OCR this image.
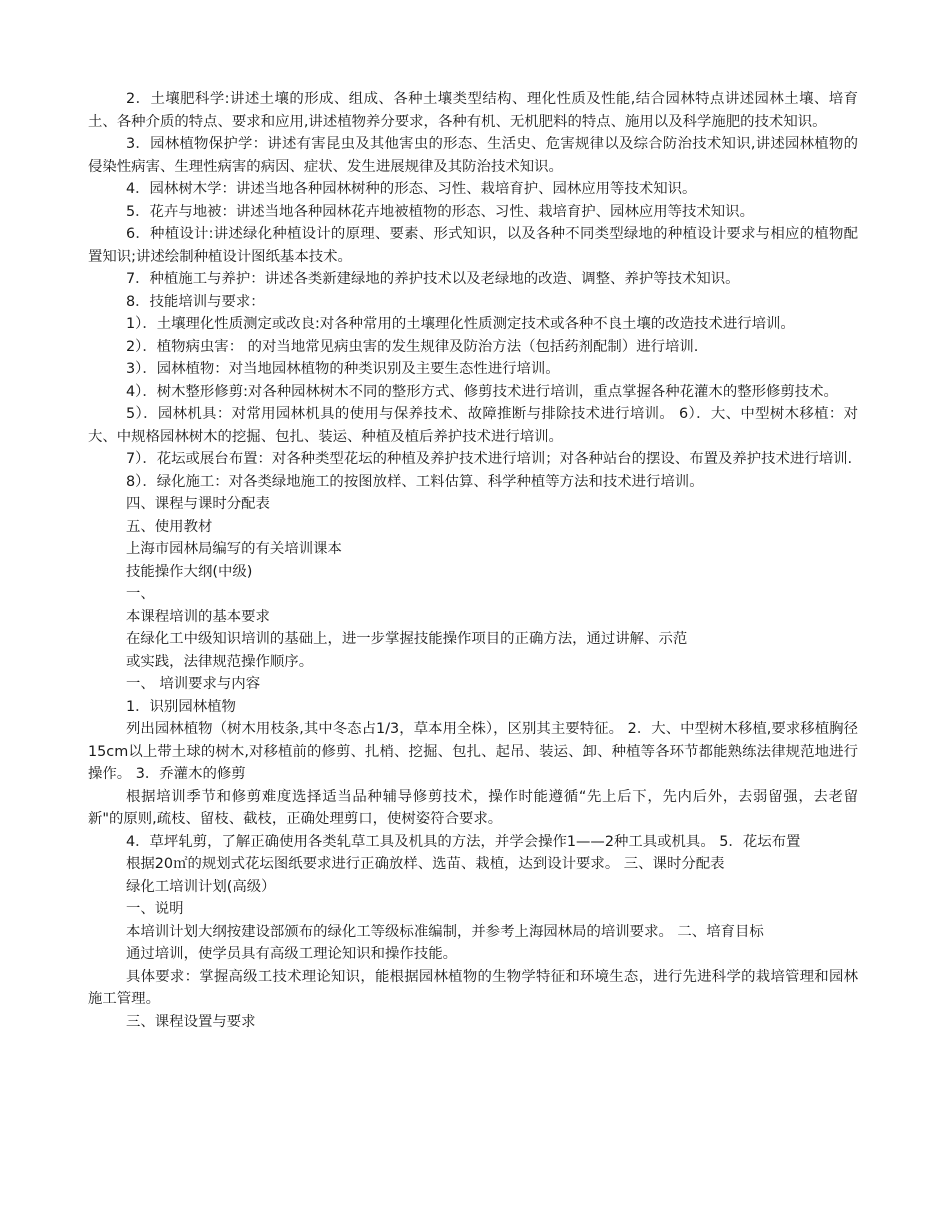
2．土壤肥科学:讲述土壤的形成、组成、各种土壤类型结构、理化性质及性能,结合园林特点讲述园林土壤、培育土、各种介质的特点、要求和应用,讲述植物养分要求，各种有机、无机肥料的特点、施用以及科学施肥的技术知识。

3．园林植物保护学：讲述有害昆虫及其他害虫的形态、生活史、危害规律以及综合防治技术知识,讲述园林植物的侵染性病害、生理性病害的病因、症状、发生进展规律及其防治技术知识。

4．园林树木学：讲述当地各种园林树种的形态、习性、栽培育护、园林应用等技术知识。

5．花卉与地被：讲述当地各种园林花卉地被植物的形态、习性、栽培育护、园林应用等技术知识。

6．种植设计:讲述绿化种植设计的原理、要素、形式知识，以及各种不同类型绿地的种植设计要求与相应的植物配置知识;讲述绘制种植设计图纸基本技术。

7．种植施工与养护：讲述各类新建绿地的养护技术以及老绿地的改造、调整、养护等技术知识。

8．技能培训与要求：

1）．土壤理化性质测定或改良:对各种常用的土壤理化性质测定技术或各种不良土壤的改造技术进行培训。

2）．植物病虫害： 的对当地常见病虫害的发生规律及防治方法（包括药剂配制）进行培训.

3）．园林植物：对当地园林植物的种类识别及主要生态性进行培训。

4）．树木整形修剪:对各种园林树木不同的整形方式、修剪技术进行培训，重点掌握各种花灌木的整形修剪技术。

5）．园林机具：对常用园林机具的使用与保养技术、故障推断与排除技术进行培训。 6）．大、中型树木移植：对大、中规格园林树木的挖掘、包扎、装运、种植及植后养护技术进行培训。

7）．花坛或展台布置：对各种类型花坛的种植及养护技术进行培训；对各种站台的摆设、布置及养护技术进行培训.

8）．绿化施工：对各类绿地施工的按图放样、工料估算、科学种植等方法和技术进行培训。

四、课程与课时分配表

五、使用教材

上海市园林局编写的有关培训课本

技能操作大纲(中级)

一、

本课程培训的基本要求

在绿化工中级知识培训的基础上，进一步掌握技能操作项目的正确方法，通过讲解、示范

或实践，法律规范操作顺序。

一、 培训要求与内容

1．识别园林植物

列出园林植物（树木用枝条,其中冬态占1/3，草本用全株），区别其主要特征。 2．大、中型树木移植,要求移植胸径15cm以上带土球的树木,对移植前的修剪、扎梢、挖掘、包扎、起吊、装运、卸、种植等各环节都能熟练法律规范地进行操作。 3．乔灌木的修剪

根据培训季节和修剪难度选择适当品种辅导修剪技术，操作时能遵循“先上后下，先内后外，去弱留强，去老留新"的原则,疏枝、留枝、截枝，正确处理剪口，使树姿符合要求。

4．草坪轧剪，了解正确使用各类轧草工具及机具的方法，并学会操作1——2种工具或机具。 5．花坛布置

根据20㎡的规划式花坛图纸要求进行正确放样、选苗、栽植，达到设计要求。 三、课时分配表

绿化工培训计划(高级）

一、说明

本培训计划大纲按建设部颁布的绿化工等级标准编制，并参考上海园林局的培训要求。 二、培育目标

通过培训，使学员具有高级工理论知识和操作技能。

具体要求：掌握高级工技术理论知识，能根据园林植物的生物学特征和环境生态，进行先进科学的栽培管理和园林施工管理。

三、课程设置与要求
